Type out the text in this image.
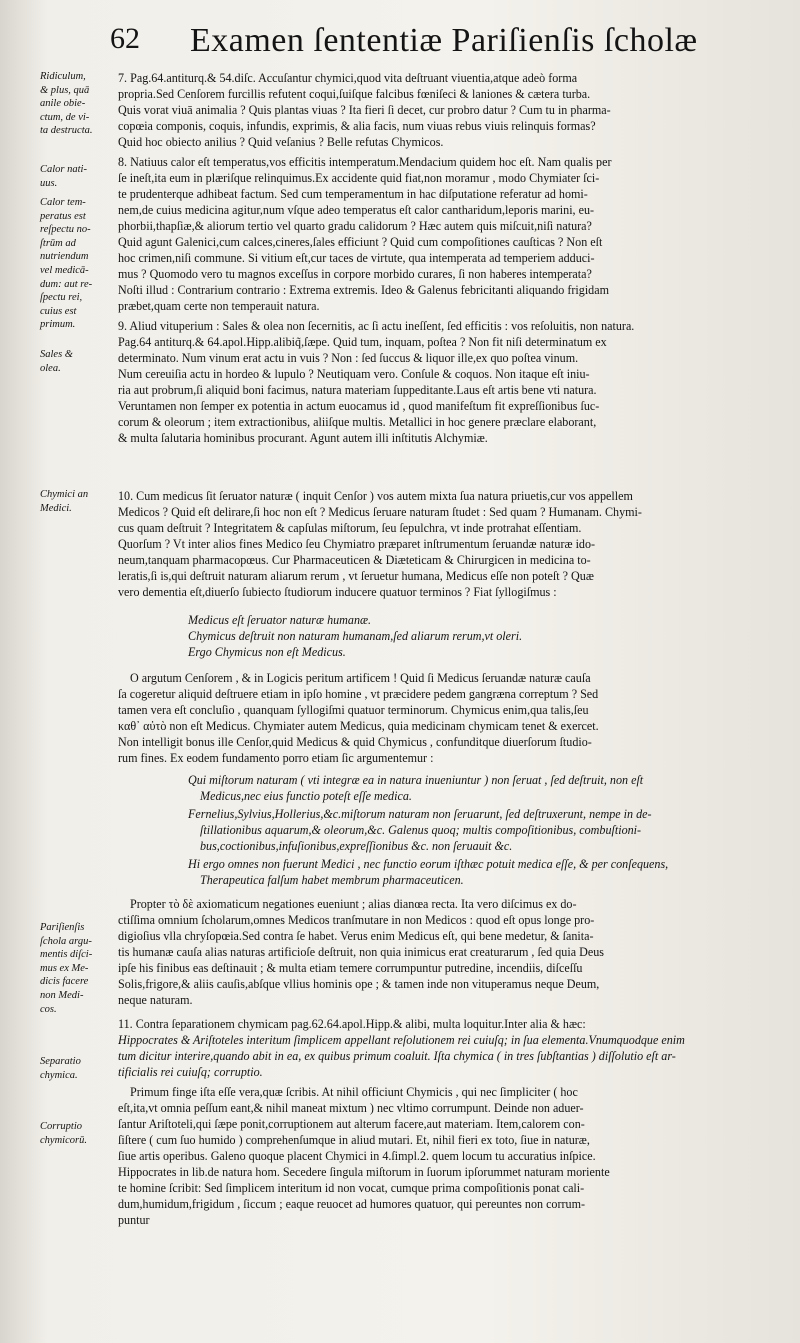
62 Examen ſententiæ Pariſienſis ſcholæ
Ridiculum,
& plus, quā
anile obie-
ctum, de vi-
ta destructa.
Calor nati-
uus.
Calor tem-
peratus est
reſpectu no-
ſtrūm ad
nutriendum
vel medicā-
dum: aut re-
ſpectu rei,
cuius est
primum.
Sales &
olea.
Chymici an
Medici.
Pariſienſis
ſchola argu-
mentis diſci-
mus ex Me-
dicis facere
non Medi-
cos.
Separatio
chymica.
Corruptio
chymicorū.
7. Pag.64.antiturq.& 54.diſc. Accuſantur chymici,quod vita deſtruant viuentia,atque adeò forma
propria.Sed Cenſorem furcillis refutent coqui,ſuiſque falcibus fœniſeci & laniones & cætera turba.
Quis vorat viuā animalia ? Quis plantas viuas ? Ita fieri ſi decet, cur probro datur ? Cum tu in pharma-
copœia componis, coquis, infundis, exprimis, & alia facis, num viuas rebus viuis relinquis formas?
Quid hoc obiecto anilius ? Quid veſanius ? Belle refutas Chymicos.
8. Natiuus calor eſt temperatus,vos efficitis intemperatum.Mendacium quidem hoc eſt. Nam qualis per
ſe ineſt,ita eum in plæriſque relinquimus.Ex accidente quid fiat,non moramur , modo Chymiater ſci-
te prudenterque adhibeat factum. Sed cum temperamentum in hac diſputatione referatur ad homi-
nem,de cuius medicina agitur,num vſque adeo temperatus eſt calor cantharidum,leporis marini, eu-
phorbii,thapſiæ,& aliorum tertio vel quarto gradu calidorum ? Hæc autem quis miſcuit,niſi natura?
Quid agunt Galenici,cum calces,cineres,ſales efficiunt ? Quid cum compoſitiones cauſticas ? Non eſt
hoc crimen,niſi commune. Si vitium eſt,cur taces de virtute, qua intemperata ad temperiem adduci-
mus ? Quomodo vero tu magnos exceſſus in corpore morbido curares, ſi non haberes intemperata?
Noſti illud : Contrarium contrario : Extrema extremis. Ideo & Galenus febricitanti aliquando frigidam
præbet,quam certe non temperauit natura.
9. Aliud vituperium : Sales & olea non ſecernitis, ac ſi actu ineſſent, ſed efficitis : vos reſoluitis, non natura.
Pag.64 antiturq.& 64.apol.Hipp.alibiq̃,ſæpe. Quid tum, inquam, poſtea ? Non fit niſi determinatum ex
determinato. Num vinum erat actu in vuis ? Non : ſed ſuccus & liquor ille,ex quo poſtea vinum.
Num cereuiſia actu in hordeo & lupulo ? Neutiquam vero. Conſule & coquos. Non itaque eſt iniu-
ria aut probrum,ſi aliquid boni facimus, natura materiam ſuppeditante.Laus eſt artis bene vti natura.
Veruntamen non ſemper ex potentia in actum euocamus id , quod manifeſtum fit expreſſionibus ſuc-
corum & oleorum ; item extractionibus, aliiſque multis. Metallici in hoc genere præclare elaborant,
& multa ſalutaria hominibus procurant. Agunt autem illi inſtitutis Alchymiæ.
10. Cum medicus ſit ſeruator naturæ ( inquit Cenſor ) vos autem mixta ſua natura priuetis,cur vos appellem
Medicos ? Quid eſt delirare,ſi hoc non eſt ? Medicus ſeruare naturam ſtudet : Sed quam ? Humanam. Chymi-
cus quam deſtruit ? Integritatem & capſulas miſtorum, ſeu ſepulchra, vt inde protrahat eſſentiam.
Quorſum ? Vt inter alios fines Medico ſeu Chymiatro præparet inſtrumentum ſeruandæ naturæ ido-
neum,tanquam pharmacopœus. Cur Pharmaceuticen & Diæteticam & Chirurgicen in medicina to-
leratis,ſi is,qui deſtruit naturam aliarum rerum , vt ſeruetur humana, Medicus eſſe non poteſt ? Quæ
vero dementia eſt,diuerſo ſubiecto ſtudiorum inducere quatuor terminos ? Fiat ſyllogiſmus :
Medicus eſt ſeruator naturæ humanæ.
Chymicus deſtruit non naturam humanam,ſed aliarum rerum,vt oleri.
Ergo Chymicus non eſt Medicus.
O argutum Cenſorem , & in Logicis peritum artificem ! Quid ſi Medicus ſeruandæ naturæ cauſa
ſa cogeretur aliquid deſtruere etiam in ipſo homine , vt præcidere pedem gangræna correptum ? Sed
tamen vera eſt concluſio , quanquam ſyllogiſmi quatuor terminorum. Chymicus enim,qua talis,ſeu
καθ᾽ αὐτὸ non eſt Medicus. Chymiater autem Medicus, quia medicinam chymicam tenet & exercet.
Non intelligit bonus ille Cenſor,quid Medicus & quid Chymicus , confunditque diuerſorum ſtudio-
rum fines. Ex eodem fundamento porro etiam ſic argumentemur :
Qui miſtorum naturam ( vti integræ ea in natura inueniuntur ) non ſeruat , ſed deſtruit, non eſt
Medicus,nec eius functio poteſt eſſe medica.
Fernelius,Sylvius,Hollerius,&c.miſtorum naturam non ſeruarunt, ſed deſtruxerunt, nempe in de-
ſtillationibus aquarum,& oleorum,&c. Galenus quoq; multis compoſitionibus, combuſtioni-
bus,coctionibus,infuſionibus,expreſſionibus &c. non ſeruauit &c.
Hi ergo omnes non fuerunt Medici , nec functio eorum iſthæc potuit medica eſſe, & per conſequens,
Therapeutica falſum habet membrum pharmaceuticen.
Propter τὸ δὲ axiomaticum negationes eueniunt ; alias dianœa recta. Ita vero diſcimus ex do-
ctiſſima omnium ſcholarum,omnes Medicos tranſmutare in non Medicos : quod eſt opus longe pro-
digioſius vlla chryſopœia.Sed contra ſe habet. Verus enim Medicus eſt, qui bene medetur, & ſanita-
tis humanæ cauſa alias naturas artificioſe deſtruit, non quia inimicus erat creaturarum , ſed quia Deus
ipſe his finibus eas deſtinauit ; & multa etiam temere corrumpuntur putredine, incendiis, diſceſſu
Solis,frigore,& aliis cauſis,abſque vllius hominis ope ; & tamen inde non vituperamus neque Deum,
neque naturam.
11. Contra ſeparationem chymicam pag.62.64.apol.Hipp.& alibi, multa loquitur.Inter alia & hæc:
Hippocrates & Ariſtoteles interitum ſimplicem appellant reſolutionem rei cuiuſq; in ſua elementa.Vnumquodque enim
tum dicitur interire,quando abit in ea, ex quibus primum coaluit. Iſta chymica ( in tres ſubſtantias ) diſſolutio eſt ar-
tificialis rei cuiuſq; corruptio.
Primum finge iſta eſſe vera,quæ ſcribis. At nihil officiunt Chymicis , qui nec ſimpliciter ( hoc
eſt,ita,vt omnia peſſum eant,& nihil maneat mixtum ) nec vltimo corrumpunt. Deinde non aduer-
ſantur Ariſtoteli,qui ſæpe ponit,corruptionem aut alterum facere,aut materiam. Item,calorem con-
ſiſtere ( cum ſuo humido ) comprehenſumque in aliud mutari. Et, nihil fieri ex toto, ſiue in naturæ,
ſiue artis operibus. Galeno quoque placent Chymici in 4.ſimpl.2. quem locum tu accuratius inſpice.
Hippocrates in lib.de natura hom. Secedere ſingula miſtorum in ſuorum ipſorummet naturam moriente
te homine ſcribit: Sed ſimplicem interitum id non vocat, cumque prima compoſitionis ponat cali-
dum,humidum,frigidum , ſiccum ; eaque reuocet ad humores quatuor, qui pereuntes non corrum-
puntur
